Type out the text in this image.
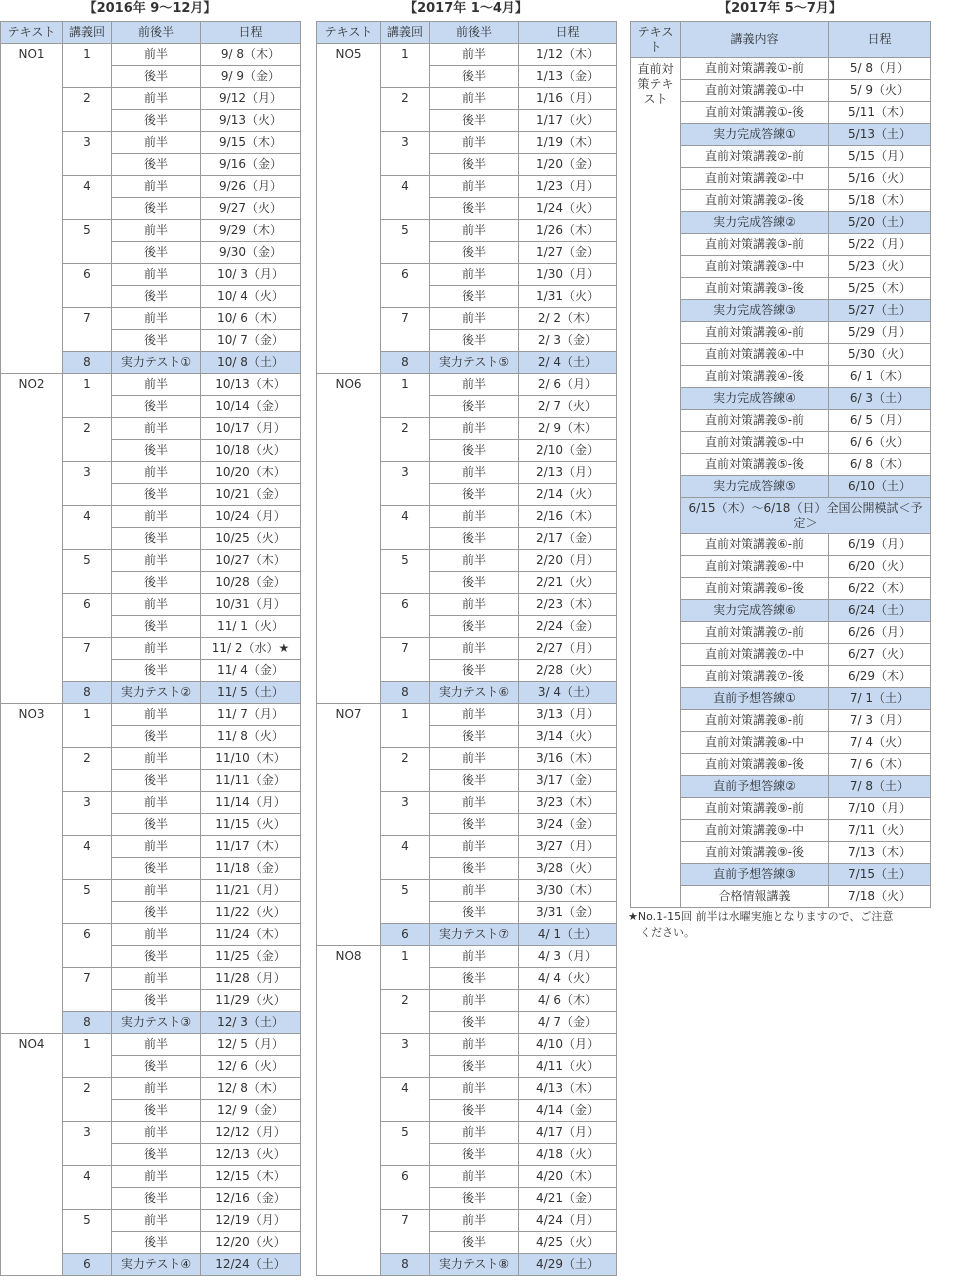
【2016年 9〜12月】	【2017年 1〜4月】	【2017年 5〜7月】
テキスト	講義回	前後半	日程
NO1	1	前半	9/ 8（木）
		後半	9/ 9（金）
	2	前半	9/12（月）
		後半	9/13（火）
	3	前半	9/15（木）
		後半	9/16（金）
	4	前半	9/26（月）
		後半	9/27（火）
	5	前半	9/29（木）
		後半	9/30（金）
	6	前半	10/ 3（月）
		後半	10/ 4（火）
	7	前半	10/ 6（木）
		後半	10/ 7（金）
	8	実力テスト①	10/ 8（土）
NO2	1	前半	10/13（木）
		後半	10/14（金）
	2	前半	10/17（月）
		後半	10/18（火）
	3	前半	10/20（木）
		後半	10/21（金）
	4	前半	10/24（月）
		後半	10/25（火）
	5	前半	10/27（木）
		後半	10/28（金）
	6	前半	10/31（月）
		後半	11/ 1（火）
	7	前半	11/ 2（水）★
		後半	11/ 4（金）
	8	実力テスト②	11/ 5（土）
NO3	1	前半	11/ 7（月）
		後半	11/ 8（火）
	2	前半	11/10（木）
		後半	11/11（金）
	3	前半	11/14（月）
		後半	11/15（火）
	4	前半	11/17（木）
		後半	11/18（金）
	5	前半	11/21（月）
		後半	11/22（火）
	6	前半	11/24（木）
		後半	11/25（金）
	7	前半	11/28（月）
		後半	11/29（火）
	8	実力テスト③	12/ 3（土）
NO4	1	前半	12/ 5（月）
		後半	12/ 6（火）
	2	前半	12/ 8（木）
		後半	12/ 9（金）
	3	前半	12/12（月）
		後半	12/13（火）
	4	前半	12/15（木）
		後半	12/16（金）
	5	前半	12/19（月）
		後半	12/20（火）
	6	実力テスト④	12/24（土）
テキスト	講義回	前後半	日程
NO5	1	前半	1/12（木）
		後半	1/13（金）
	2	前半	1/16（月）
		後半	1/17（火）
	3	前半	1/19（木）
		後半	1/20（金）
	4	前半	1/23（月）
		後半	1/24（火）
	5	前半	1/26（木）
		後半	1/27（金）
	6	前半	1/30（月）
		後半	1/31（火）
	7	前半	2/ 2（木）
		後半	2/ 3（金）
	8	実力テスト⑤	2/ 4（土）
NO6	1	前半	2/ 6（月）
		後半	2/ 7（火）
	2	前半	2/ 9（木）
		後半	2/10（金）
	3	前半	2/13（月）
		後半	2/14（火）
	4	前半	2/16（木）
		後半	2/17（金）
	5	前半	2/20（月）
		後半	2/21（火）
	6	前半	2/23（木）
		後半	2/24（金）
	7	前半	2/27（月）
		後半	2/28（火）
	8	実力テスト⑥	3/ 4（土）
NO7	1	前半	3/13（月）
		後半	3/14（火）
	2	前半	3/16（木）
		後半	3/17（金）
	3	前半	3/23（木）
		後半	3/24（金）
	4	前半	3/27（月）
		後半	3/28（火）
	5	前半	3/30（木）
		後半	3/31（金）
	6	実力テスト⑦	4/ 1（土）
NO8	1	前半	4/ 3（月）
		後半	4/ 4（火）
	2	前半	4/ 6（木）
		後半	4/ 7（金）
	3	前半	4/10（月）
		後半	4/11（火）
	4	前半	4/13（木）
		後半	4/14（金）
	5	前半	4/17（月）
		後半	4/18（火）
	6	前半	4/20（木）
		後半	4/21（金）
	7	前半	4/24（月）
		後半	4/25（火）
	8	実力テスト⑧	4/29（土）
テキスト	講義内容	日程
直前対策テキスト	直前対策講義①-前	5/ 8（月）
	直前対策講義①-中	5/ 9（火）
	直前対策講義①-後	5/11（木）
	実力完成答練①	5/13（土）
	直前対策講義②-前	5/15（月）
	直前対策講義②-中	5/16（火）
	直前対策講義②-後	5/18（木）
	実力完成答練②	5/20（土）
	直前対策講義③-前	5/22（月）
	直前対策講義③-中	5/23（火）
	直前対策講義③-後	5/25（木）
	実力完成答練③	5/27（土）
	直前対策講義④-前	5/29（月）
	直前対策講義④-中	5/30（火）
	直前対策講義④-後	6/ 1（木）
	実力完成答練④	6/ 3（土）
	直前対策講義⑤-前	6/ 5（月）
	直前対策講義⑤-中	6/ 6（火）
	直前対策講義⑤-後	6/ 8（木）
	実力完成答練⑤	6/10（土）
	6/15（木）〜6/18（日）全国公開模試＜予定＞	
	直前対策講義⑥-前	6/19（月）
	直前対策講義⑥-中	6/20（火）
	直前対策講義⑥-後	6/22（木）
	実力完成答練⑥	6/24（土）
	直前対策講義⑦-前	6/26（月）
	直前対策講義⑦-中	6/27（火）
	直前対策講義⑦-後	6/29（木）
	直前予想答練①	7/ 1（土）
	直前対策講義⑧-前	7/ 3（月）
	直前対策講義⑧-中	7/ 4（火）
	直前対策講義⑧-後	7/ 6（木）
	直前予想答練②	7/ 8（土）
	直前対策講義⑨-前	7/10（月）
	直前対策講義⑨-中	7/11（火）
	直前対策講義⑨-後	7/13（木）
	直前予想答練③	7/15（土）
	合格情報講義	7/18（火）
★No.1-15回 前半は水曜実施となりますので、ご注意
ください。
